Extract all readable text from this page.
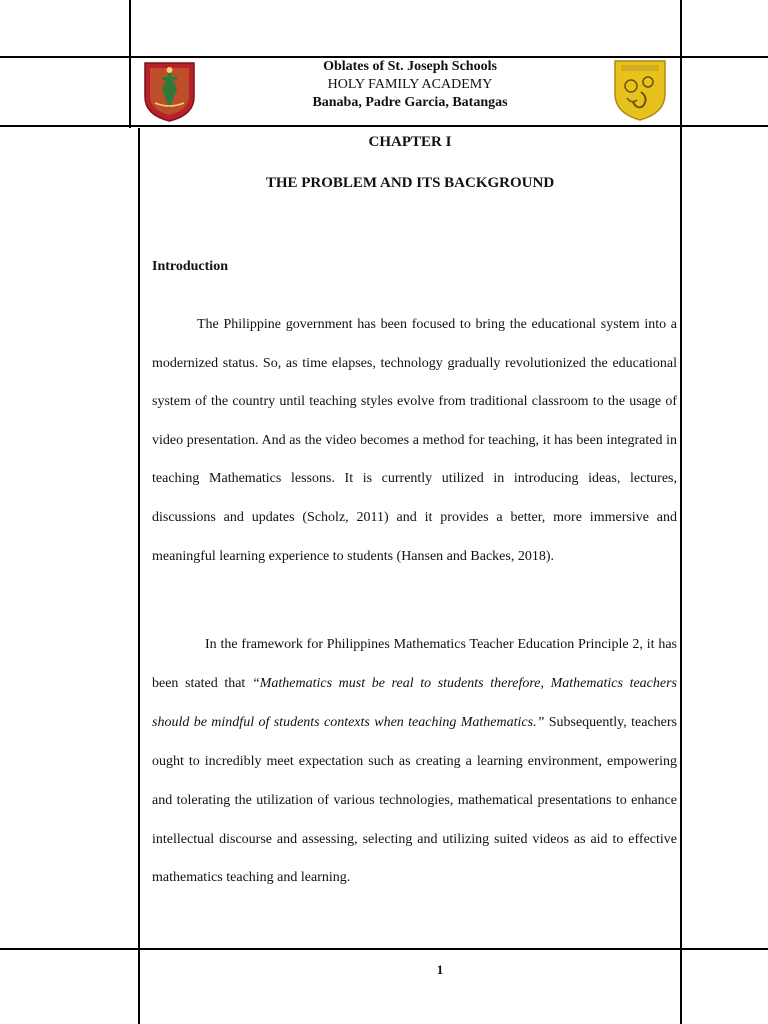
Oblates of St. Joseph Schools
HOLY FAMILY ACADEMY
Banaba, Padre Garcia, Batangas
CHAPTER I
THE PROBLEM AND ITS BACKGROUND
Introduction
The Philippine government has been focused to bring the educational system into a modernized status. So, as time elapses, technology gradually revolutionized the educational system of the country until teaching styles evolve from traditional classroom to the usage of video presentation. And as the video becomes a method for teaching, it has been integrated in teaching Mathematics lessons. It is currently utilized in introducing ideas, lectures, discussions and updates (Scholz, 2011) and it provides a better, more immersive and meaningful learning experience to students (Hansen and Backes, 2018).
In the framework for Philippines Mathematics Teacher Education Principle 2, it has been stated that “Mathematics must be real to students therefore, Mathematics teachers should be mindful of students contexts when teaching Mathematics.” Subsequently, teachers ought to incredibly meet expectation such as creating a learning environment, empowering and tolerating the utilization of various technologies, mathematical presentations to enhance intellectual discourse and assessing, selecting and utilizing suited videos as aid to effective mathematics teaching and learning.
1
